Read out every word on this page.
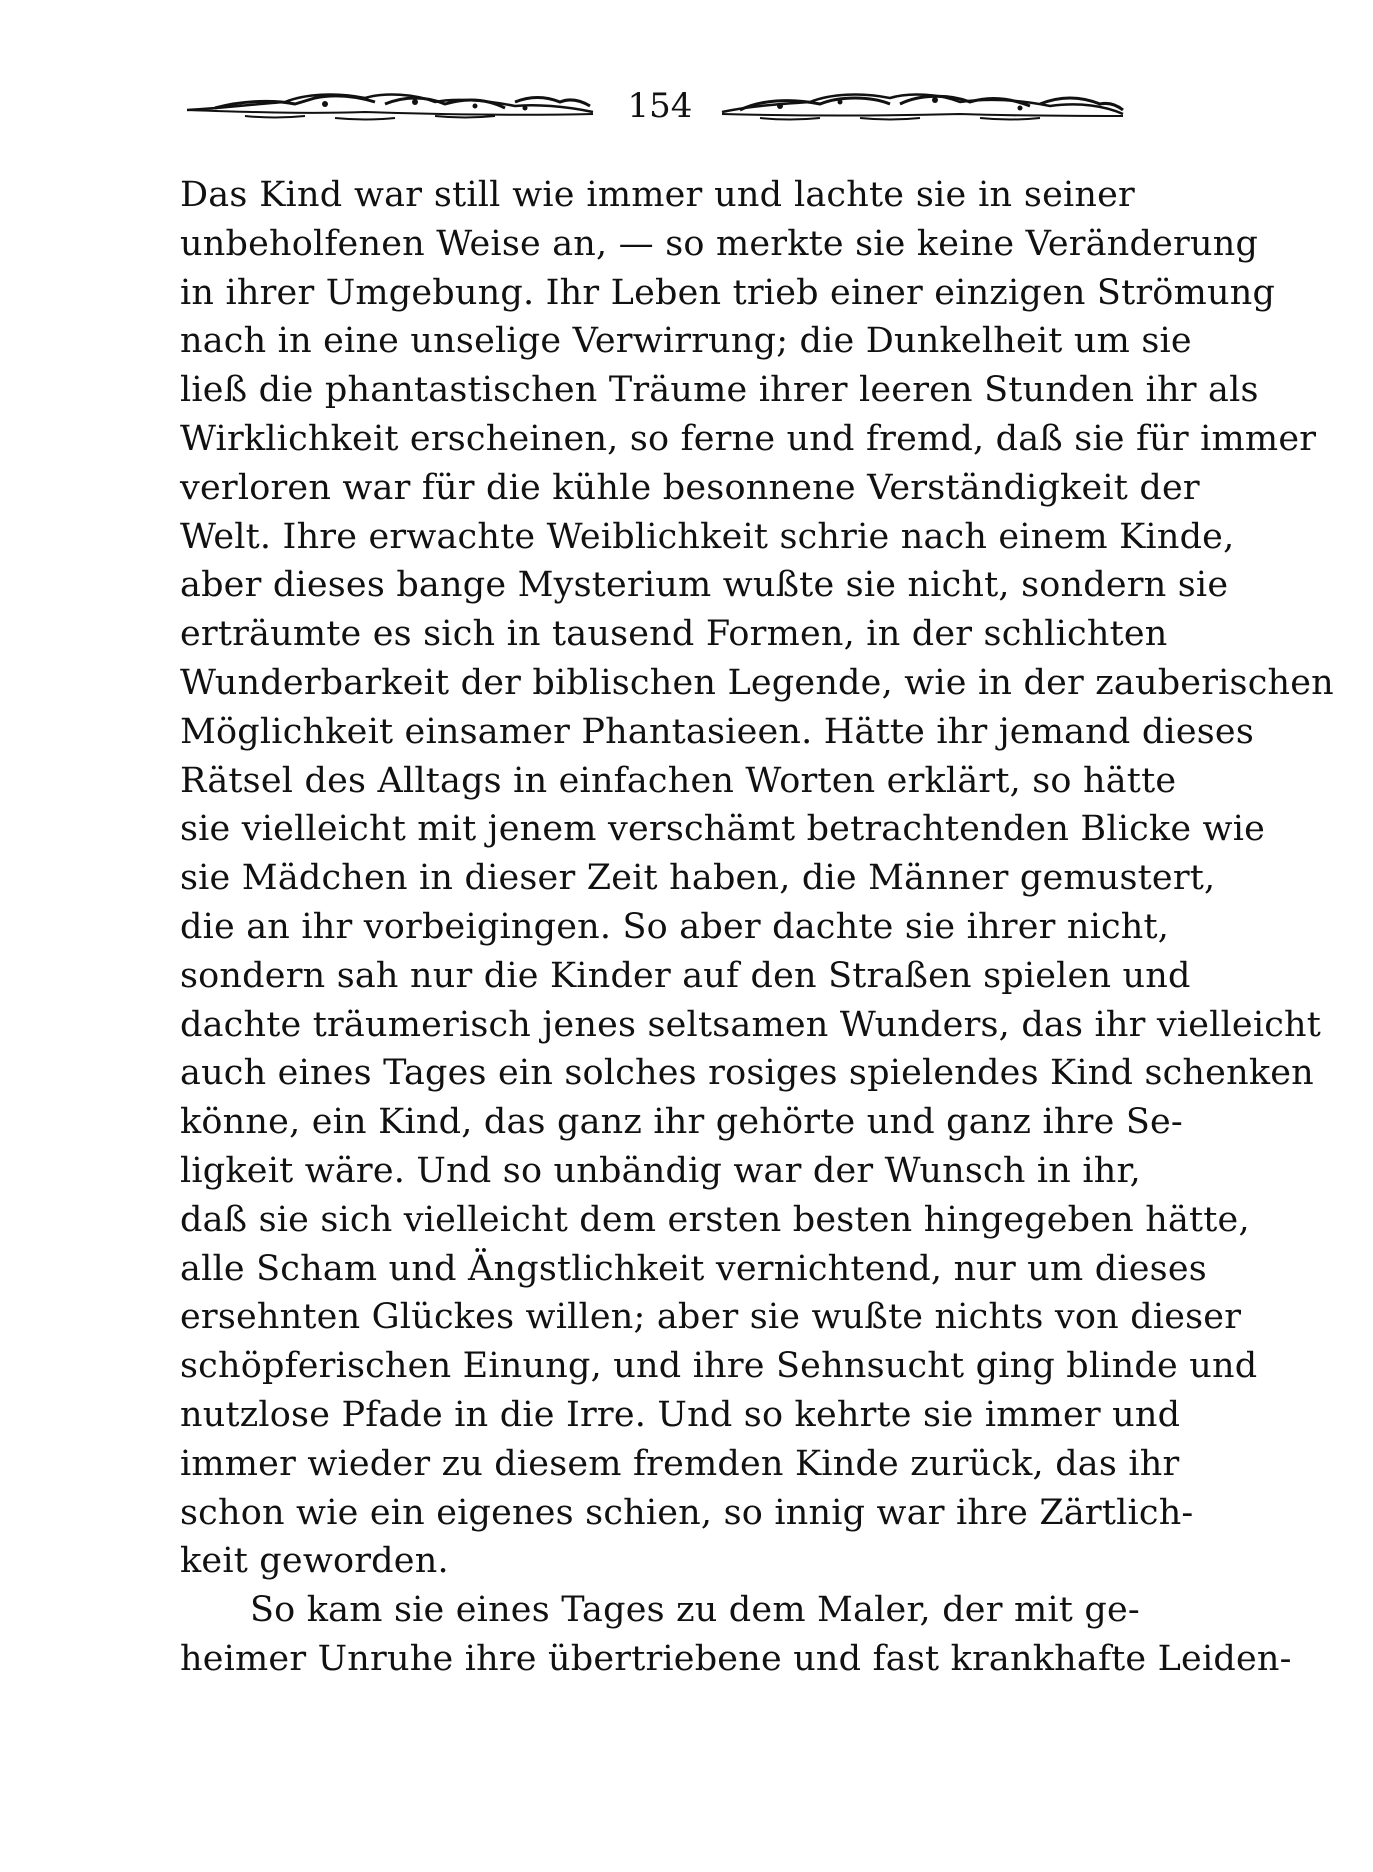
154
Das Kind war still wie immer und lachte sie in seiner
unbeholfenen Weise an, — so merkte sie keine Veränderung
in ihrer Umgebung. Ihr Leben trieb einer einzigen Strömung
nach in eine unselige Verwirrung; die Dunkelheit um sie
ließ die phantastischen Träume ihrer leeren Stunden ihr als
Wirklichkeit erscheinen, so ferne und fremd, daß sie für immer
verloren war für die kühle besonnene Verständigkeit der
Welt. Ihre erwachte Weiblichkeit schrie nach einem Kinde,
aber dieses bange Mysterium wußte sie nicht, sondern sie
erträumte es sich in tausend Formen, in der schlichten
Wunderbarkeit der biblischen Legende, wie in der zauberischen
Möglichkeit einsamer Phantasieen. Hätte ihr jemand dieses
Rätsel des Alltags in einfachen Worten erklärt, so hätte
sie vielleicht mit jenem verschämt betrachtenden Blicke wie
sie Mädchen in dieser Zeit haben, die Männer gemustert,
die an ihr vorbeigingen. So aber dachte sie ihrer nicht,
sondern sah nur die Kinder auf den Straßen spielen und
dachte träumerisch jenes seltsamen Wunders, das ihr vielleicht
auch eines Tages ein solches rosiges spielendes Kind schenken
könne, ein Kind, das ganz ihr gehörte und ganz ihre Se-
ligkeit wäre. Und so unbändig war der Wunsch in ihr,
daß sie sich vielleicht dem ersten besten hingegeben hätte,
alle Scham und Ängstlichkeit vernichtend, nur um dieses
ersehnten Glückes willen; aber sie wußte nichts von dieser
schöpferischen Einung, und ihre Sehnsucht ging blinde und
nutzlose Pfade in die Irre. Und so kehrte sie immer und
immer wieder zu diesem fremden Kinde zurück, das ihr
schon wie ein eigenes schien, so innig war ihre Zärtlich-
keit geworden.
So kam sie eines Tages zu dem Maler, der mit ge-
heimer Unruhe ihre übertriebene und fast krankhafte Leiden-
